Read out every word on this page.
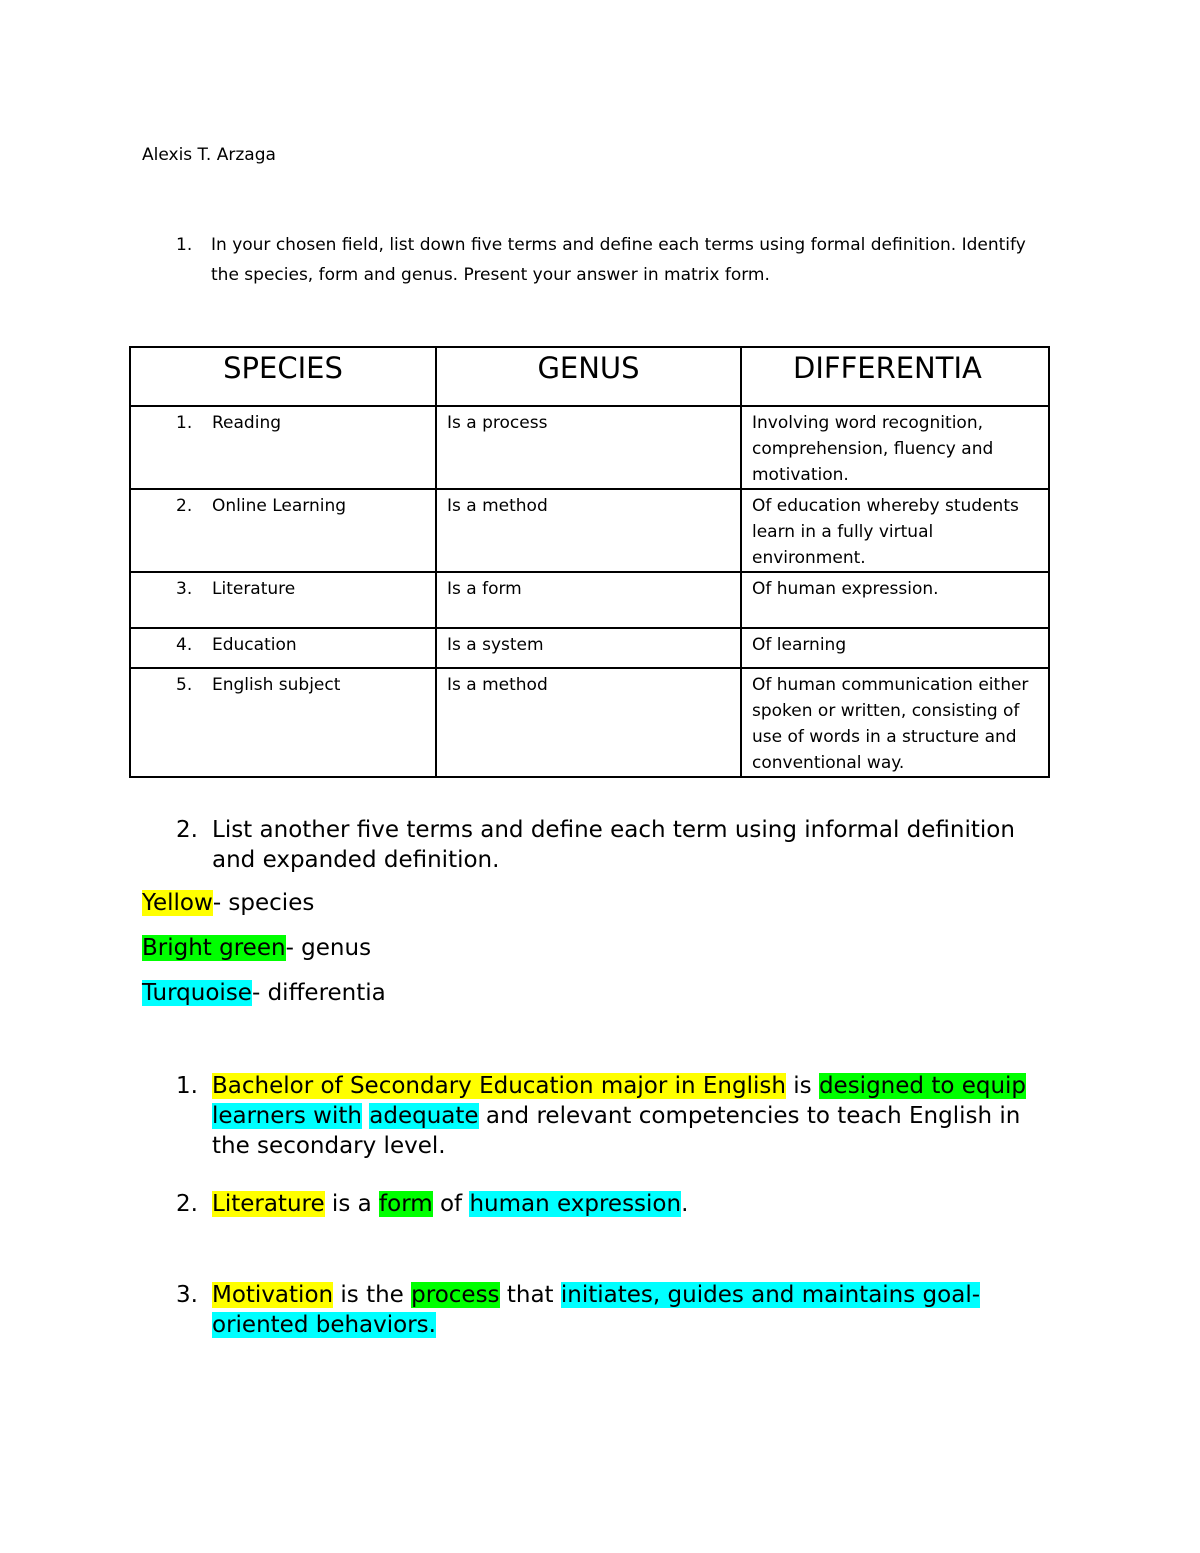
Alexis T. Arzaga
1. In your chosen field, list down five terms and define each terms using formal definition. Identify the species, form and genus. Present your answer in matrix form.
SPECIES	GENUS	DIFFERENTIA

1. Reading	Is a process	Involving word recognition, comprehension, fluency and motivation.

2. Online Learning	Is a method	Of education whereby students learn in a fully virtual environment.

3. Literature	Is a form	Of human expression.

4. Education	Is a system	Of learning

5. English subject	Is a method	Of human communication either spoken or written, consisting of use of words in a structure and conventional way.
2. List another five terms and define each term using informal definition and expanded definition.
Yellow- species
Bright green- genus
Turquoise- differentia
1. Bachelor of Secondary Education major in English is designed to equip learners with adequate and relevant competencies to teach English in the secondary level.
2. Literature is a form of human expression.
3. Motivation is the process that initiates, guides and maintains goal-oriented behaviors.
